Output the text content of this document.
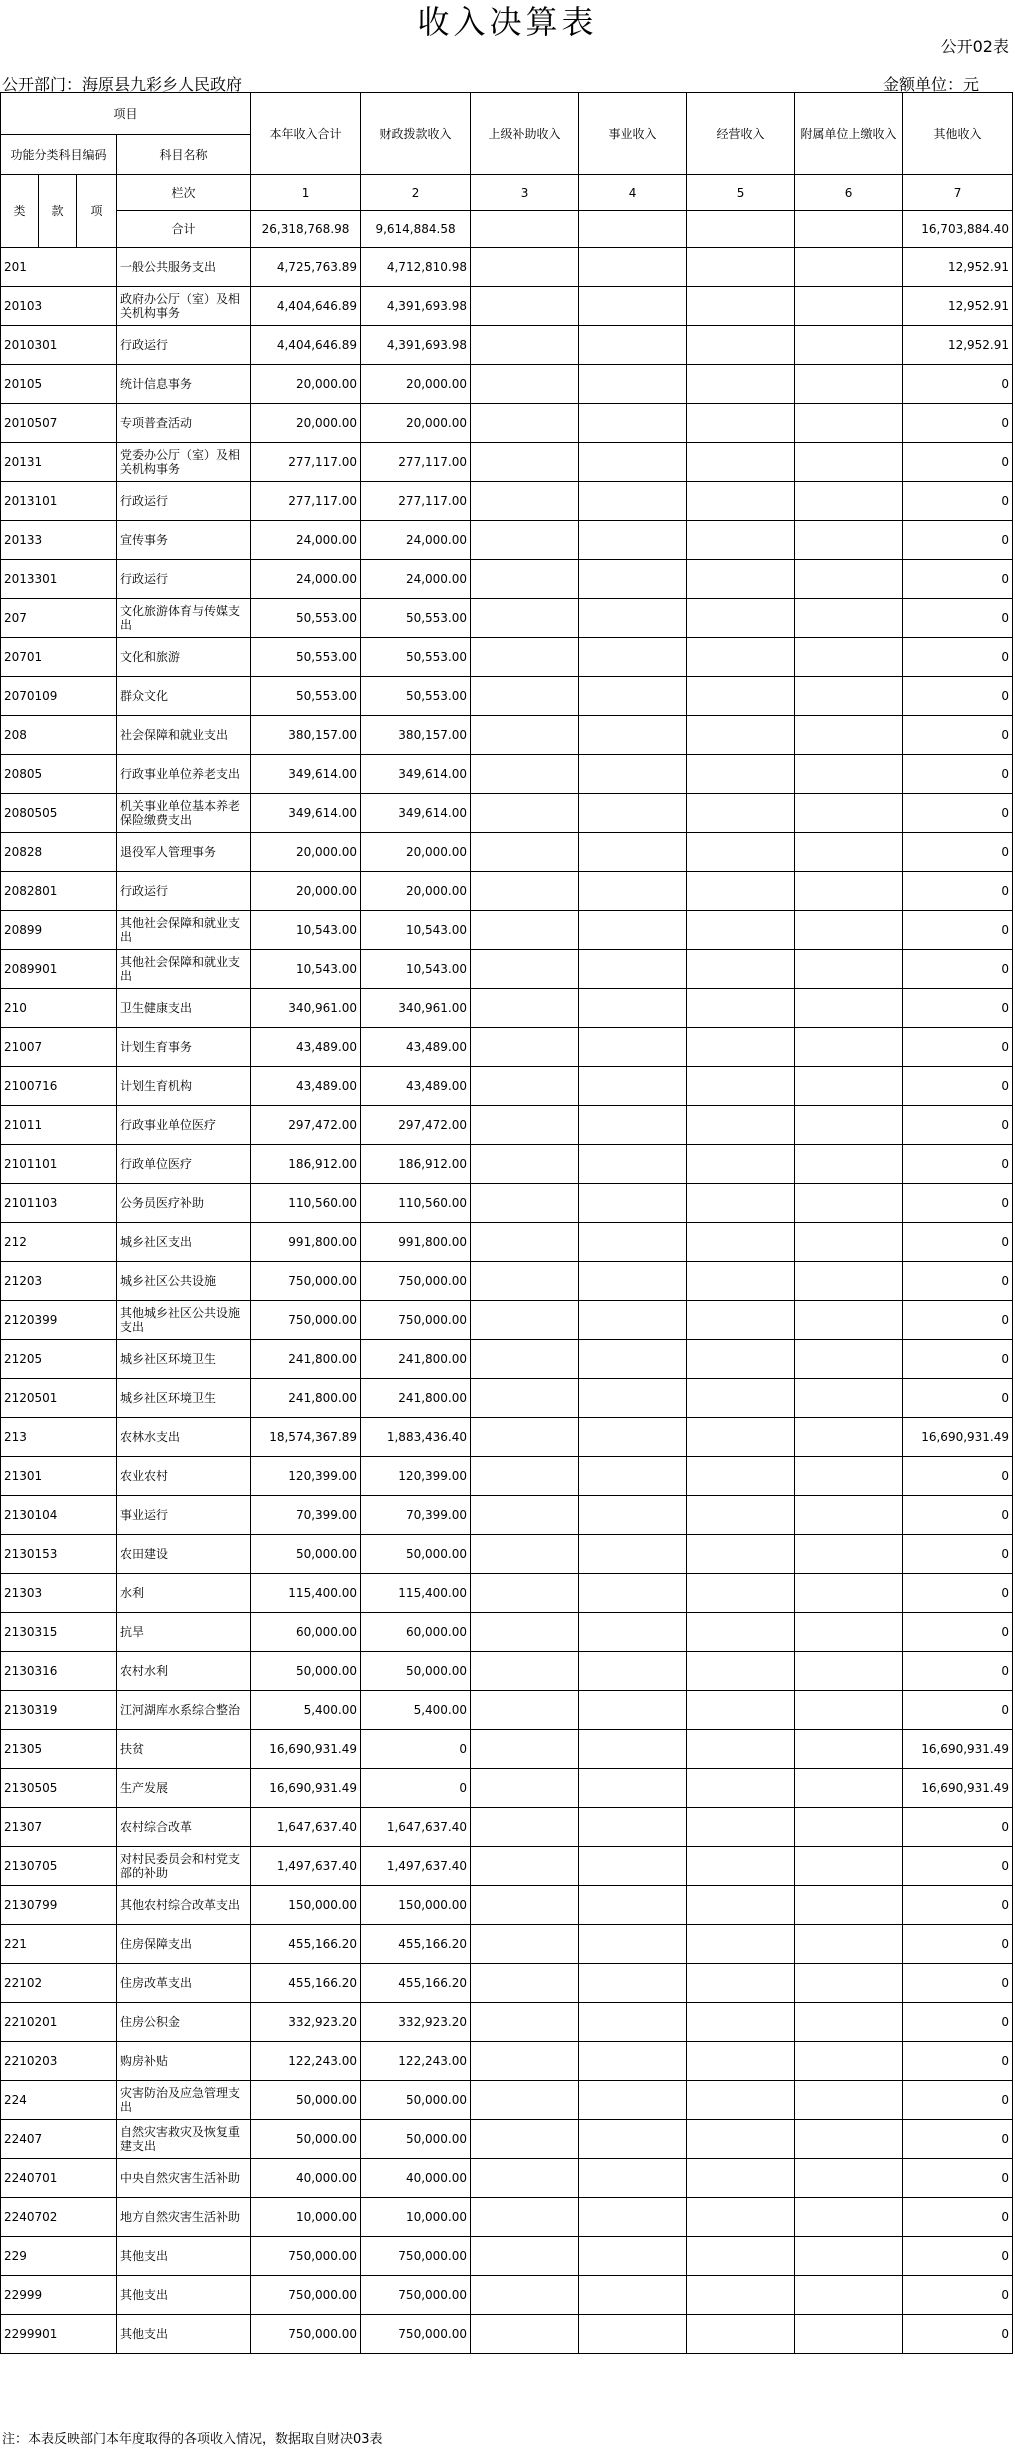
收入决算表
公开02表
公开部门：海原县九彩乡人民政府	金额单位：元
项目				本年收入合计	财政拨款收入	上级补助收入	事业收入	经营收入	附属单位上缴收入	其他收入
功能分类科目编码			科目名称							
类	款	项	栏次	1	2	3	4	5	6	7
			合计	26,318,768.98	9,614,884.58					16,703,884.40
201			一般公共服务支出	4,725,763.89	4,712,810.98					12,952.91
20103			政府办公厅（室）及相关机构事务	4,404,646.89	4,391,693.98					12,952.91
2010301			行政运行	4,404,646.89	4,391,693.98					12,952.91
20105			统计信息事务	20,000.00	20,000.00					0
2010507			专项普查活动	20,000.00	20,000.00					0
20131			党委办公厅（室）及相关机构事务	277,117.00	277,117.00					0
2013101			行政运行	277,117.00	277,117.00					0
20133			宣传事务	24,000.00	24,000.00					0
2013301			行政运行	24,000.00	24,000.00					0
207			文化旅游体育与传媒支出	50,553.00	50,553.00					0
20701			文化和旅游	50,553.00	50,553.00					0
2070109			群众文化	50,553.00	50,553.00					0
208			社会保障和就业支出	380,157.00	380,157.00					0
20805			行政事业单位养老支出	349,614.00	349,614.00					0
2080505			机关事业单位基本养老保险缴费支出	349,614.00	349,614.00					0
20828			退役军人管理事务	20,000.00	20,000.00					0
2082801			行政运行	20,000.00	20,000.00					0
20899			其他社会保障和就业支出	10,543.00	10,543.00					0
2089901			其他社会保障和就业支出	10,543.00	10,543.00					0
210			卫生健康支出	340,961.00	340,961.00					0
21007			计划生育事务	43,489.00	43,489.00					0
2100716			计划生育机构	43,489.00	43,489.00					0
21011			行政事业单位医疗	297,472.00	297,472.00					0
2101101			行政单位医疗	186,912.00	186,912.00					0
2101103			公务员医疗补助	110,560.00	110,560.00					0
212			城乡社区支出	991,800.00	991,800.00					0
21203			城乡社区公共设施	750,000.00	750,000.00					0
2120399			其他城乡社区公共设施支出	750,000.00	750,000.00					0
21205			城乡社区环境卫生	241,800.00	241,800.00					0
2120501			城乡社区环境卫生	241,800.00	241,800.00					0
213			农林水支出	18,574,367.89	1,883,436.40					16,690,931.49
21301			农业农村	120,399.00	120,399.00					0
2130104			事业运行	70,399.00	70,399.00					0
2130153			农田建设	50,000.00	50,000.00					0
21303			水利	115,400.00	115,400.00					0
2130315			抗旱	60,000.00	60,000.00					0
2130316			农村水利	50,000.00	50,000.00					0
2130319			江河湖库水系综合整治	5,400.00	5,400.00					0
21305			扶贫	16,690,931.49	0					16,690,931.49
2130505			生产发展	16,690,931.49	0					16,690,931.49
21307			农村综合改革	1,647,637.40	1,647,637.40					0
2130705			对村民委员会和村党支部的补助	1,497,637.40	1,497,637.40					0
2130799			其他农村综合改革支出	150,000.00	150,000.00					0
221			住房保障支出	455,166.20	455,166.20					0
22102			住房改革支出	455,166.20	455,166.20					0
2210201			住房公积金	332,923.20	332,923.20					0
2210203			购房补贴	122,243.00	122,243.00					0
224			灾害防治及应急管理支出	50,000.00	50,000.00					0
22407			自然灾害救灾及恢复重建支出	50,000.00	50,000.00					0
2240701			中央自然灾害生活补助	40,000.00	40,000.00					0
2240702			地方自然灾害生活补助	10,000.00	10,000.00					0
229			其他支出	750,000.00	750,000.00					0
22999			其他支出	750,000.00	750,000.00					0
2299901			其他支出	750,000.00	750,000.00					0
注：本表反映部门本年度取得的各项收入情况，数据取自财决03表
